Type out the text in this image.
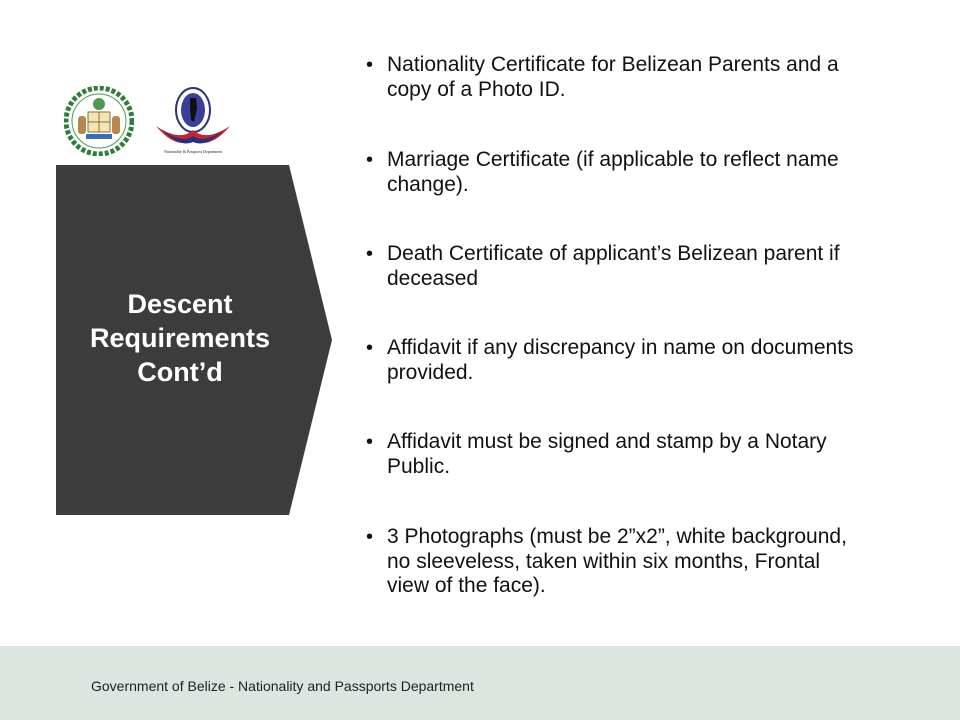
Nationality & Passports Department
Descent
Requirements
Cont’d
• Nationality Certificate for Belizean Parents and a copy of a Photo ID.
• Marriage Certificate (if applicable to reflect name change).
• Death Certificate of applicant’s Belizean parent if deceased
• Affidavit if any discrepancy in name on documents provided.
• Affidavit must be signed and stamp by a Notary Public.
• 3 Photographs (must be 2”x2”, white background, no sleeveless, taken within six months, Frontal view of the face).
Government of Belize - Nationality and Passports Department
